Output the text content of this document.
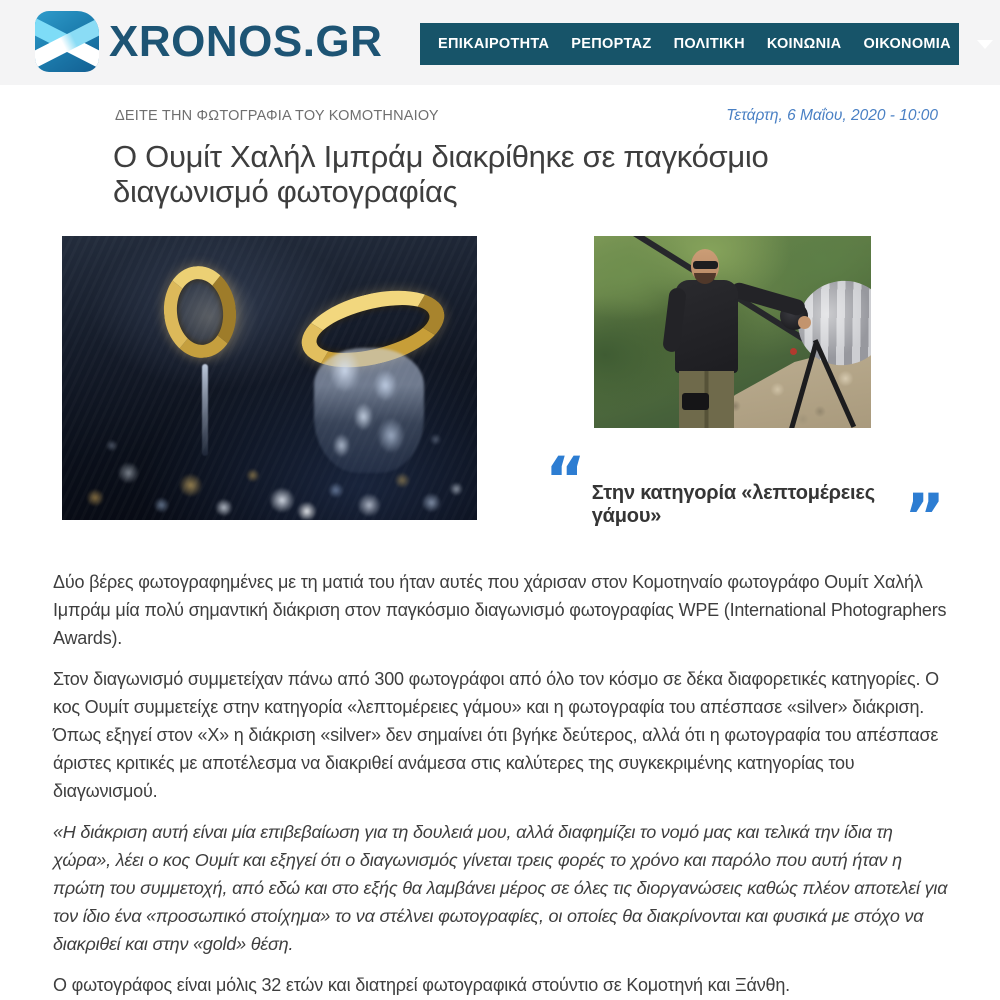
XRONOS.GR	ΕΠΙΚΑΙΡΟΤΗΤΑ ΡΕΠΟΡΤΑΖ ΠΟΛΙΤΙΚΗ ΚΟΙΝΩΝΙΑ ΟΙΚΟΝΟΜΙΑ
ΔΕΙΤΕ ΤΗΝ ΦΩΤΟΓΡΑΦΙΑ ΤΟΥ ΚΟΜΟΤΗΝΑΙΟΥ	Τετάρτη, 6 Μαΐου, 2020 - 10:00
Ο Ουμίτ Χαλήλ Ιμπράμ διακρίθηκε σε παγκόσμιο διαγωνισμό φωτογραφίας
“ Στην κατηγορία «λεπτομέρειες γάμου»	”

Δύο βέρες φωτογραφημένες με τη ματιά του ήταν αυτές που χάρισαν στον Κομοτηναίο φωτογράφο Ουμίτ Χαλήλ Ιμπράμ μία πολύ σημαντική διάκριση στον παγκόσμιο διαγωνισμό φωτογραφίας WPE (International Photographers Awards).

Στον διαγωνισμό συμμετείχαν πάνω από 300 φωτογράφοι από όλο τον κόσμο σε δέκα διαφορετικές κατηγορίες. Ο κος Ουμίτ συμμετείχε στην κατηγορία «λεπτομέρειες γάμου» και η φωτογραφία του απέσπασε «silver» διάκριση. Όπως εξηγεί στον «Χ» η διάκριση «silver» δεν σημαίνει ότι βγήκε δεύτερος, αλλά ότι η φωτογραφία του απέσπασε άριστες κριτικές με αποτέλεσμα να διακριθεί ανάμεσα στις καλύτερες της συγκεκριμένης κατηγορίας του διαγωνισμού.

«Η διάκριση αυτή είναι μία επιβεβαίωση για τη δουλειά μου, αλλά διαφημίζει το νομό μας και τελικά την ίδια τη χώρα», λέει ο κος Ουμίτ και εξηγεί ότι ο διαγωνισμός γίνεται τρεις φορές το χρόνο και παρόλο που αυτή ήταν η πρώτη του συμμετοχή, από εδώ και στο εξής θα λαμβάνει μέρος σε όλες τις διοργανώσεις καθώς πλέον αποτελεί για τον ίδιο ένα «προσωπικό στοίχημα» το να στέλνει φωτογραφίες, οι οποίες θα διακρίνονται και φυσικά με στόχο να διακριθεί και στην «gold» θέση.

Ο φωτογράφος είναι μόλις 32 ετών και διατηρεί φωτογραφικά στούντιο σε Κομοτηνή και Ξάνθη.
